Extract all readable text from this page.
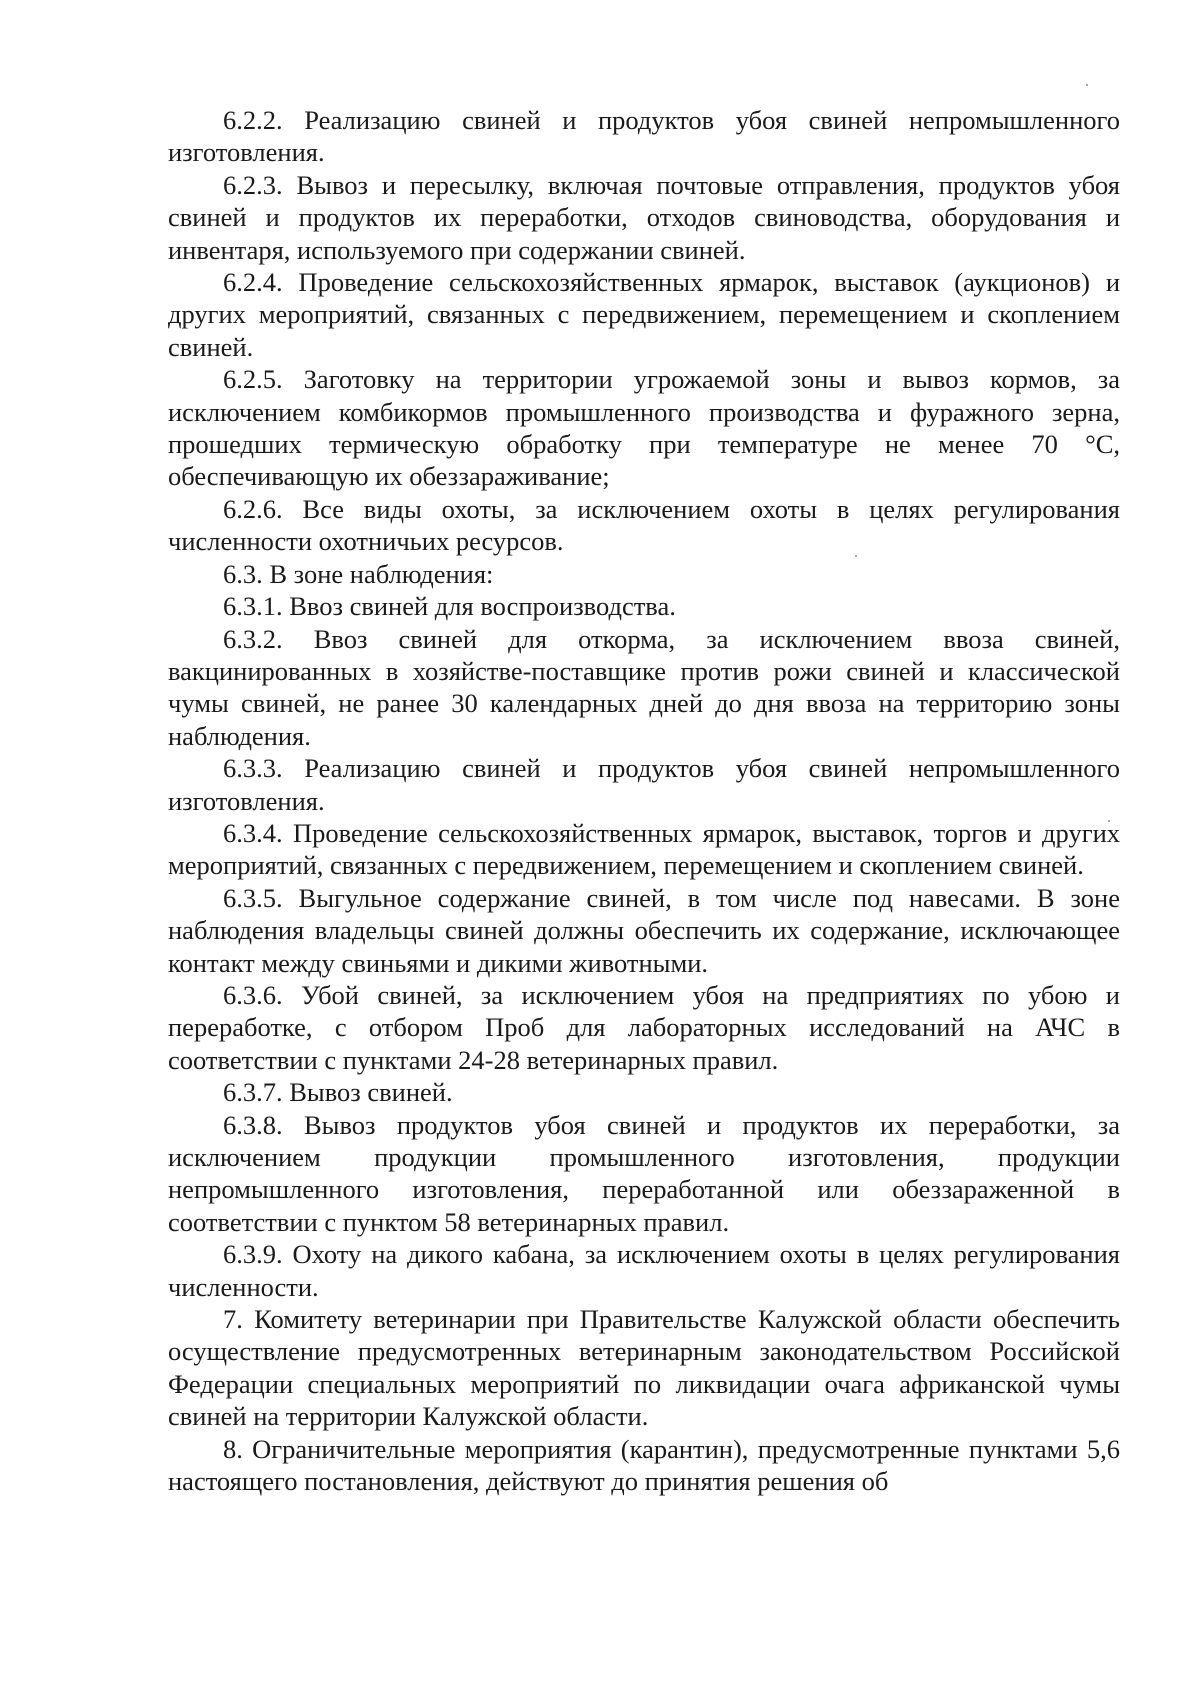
6.2.2. Реализацию свиней и продуктов убоя свиней непромышленного изготовления.

6.2.3. Вывоз и пересылку, включая почтовые отправления, продуктов убоя свиней и продуктов их переработки, отходов свиноводства, оборудования и инвентаря, используемого при содержании свиней.

6.2.4. Проведение сельскохозяйственных ярмарок, выставок (аукционов) и других мероприятий, связанных с передвижением, перемещением и скоплением свиней.

6.2.5. Заготовку на территории угрожаемой зоны и вывоз кормов, за исключением комбикормов промышленного производства и фуражного зерна, прошедших термическую обработку при температуре не менее 70 °С, обеспечивающую их обеззараживание;

6.2.6. Все виды охоты, за исключением охоты в целях регулирования численности охотничьих ресурсов.

6.3. В зоне наблюдения:

6.3.1. Ввоз свиней для воспроизводства.

6.3.2. Ввоз свиней для откорма, за исключением ввоза свиней, вакцинированных в хозяйстве-поставщике против рожи свиней и классической чумы свиней, не ранее 30 календарных дней до дня ввоза на территорию зоны наблюдения.

6.3.3. Реализацию свиней и продуктов убоя свиней непромышленного изготовления.

6.3.4. Проведение сельскохозяйственных ярмарок, выставок, торгов и других мероприятий, связанных с передвижением, перемещением и скоплением свиней.

6.3.5. Выгульное содержание свиней, в том числе под навесами. В зоне наблюдения владельцы свиней должны обеспечить их содержание, исключающее контакт между свиньями и дикими животными.

6.3.6. Убой свиней, за исключением убоя на предприятиях по убою и переработке, с отбором Проб для лабораторных исследований на АЧС в соответствии с пунктами 24-28 ветеринарных правил.

6.3.7. Вывоз свиней.

6.3.8. Вывоз продуктов убоя свиней и продуктов их переработки, за исключением продукции промышленного изготовления, продукции непромышленного изготовления, переработанной или обеззараженной в соответствии с пунктом 58 ветеринарных правил.

6.3.9. Охоту на дикого кабана, за исключением охоты в целях регулирования численности.

7. Комитету ветеринарии при Правительстве Калужской области обеспечить осуществление предусмотренных ветеринарным законодательством Российской Федерации специальных мероприятий по ликвидации очага африканской чумы свиней на территории Калужской области.

8. Ограничительные мероприятия (карантин), предусмотренные пунктами 5,6 настоящего постановления, действуют до принятия решения об
